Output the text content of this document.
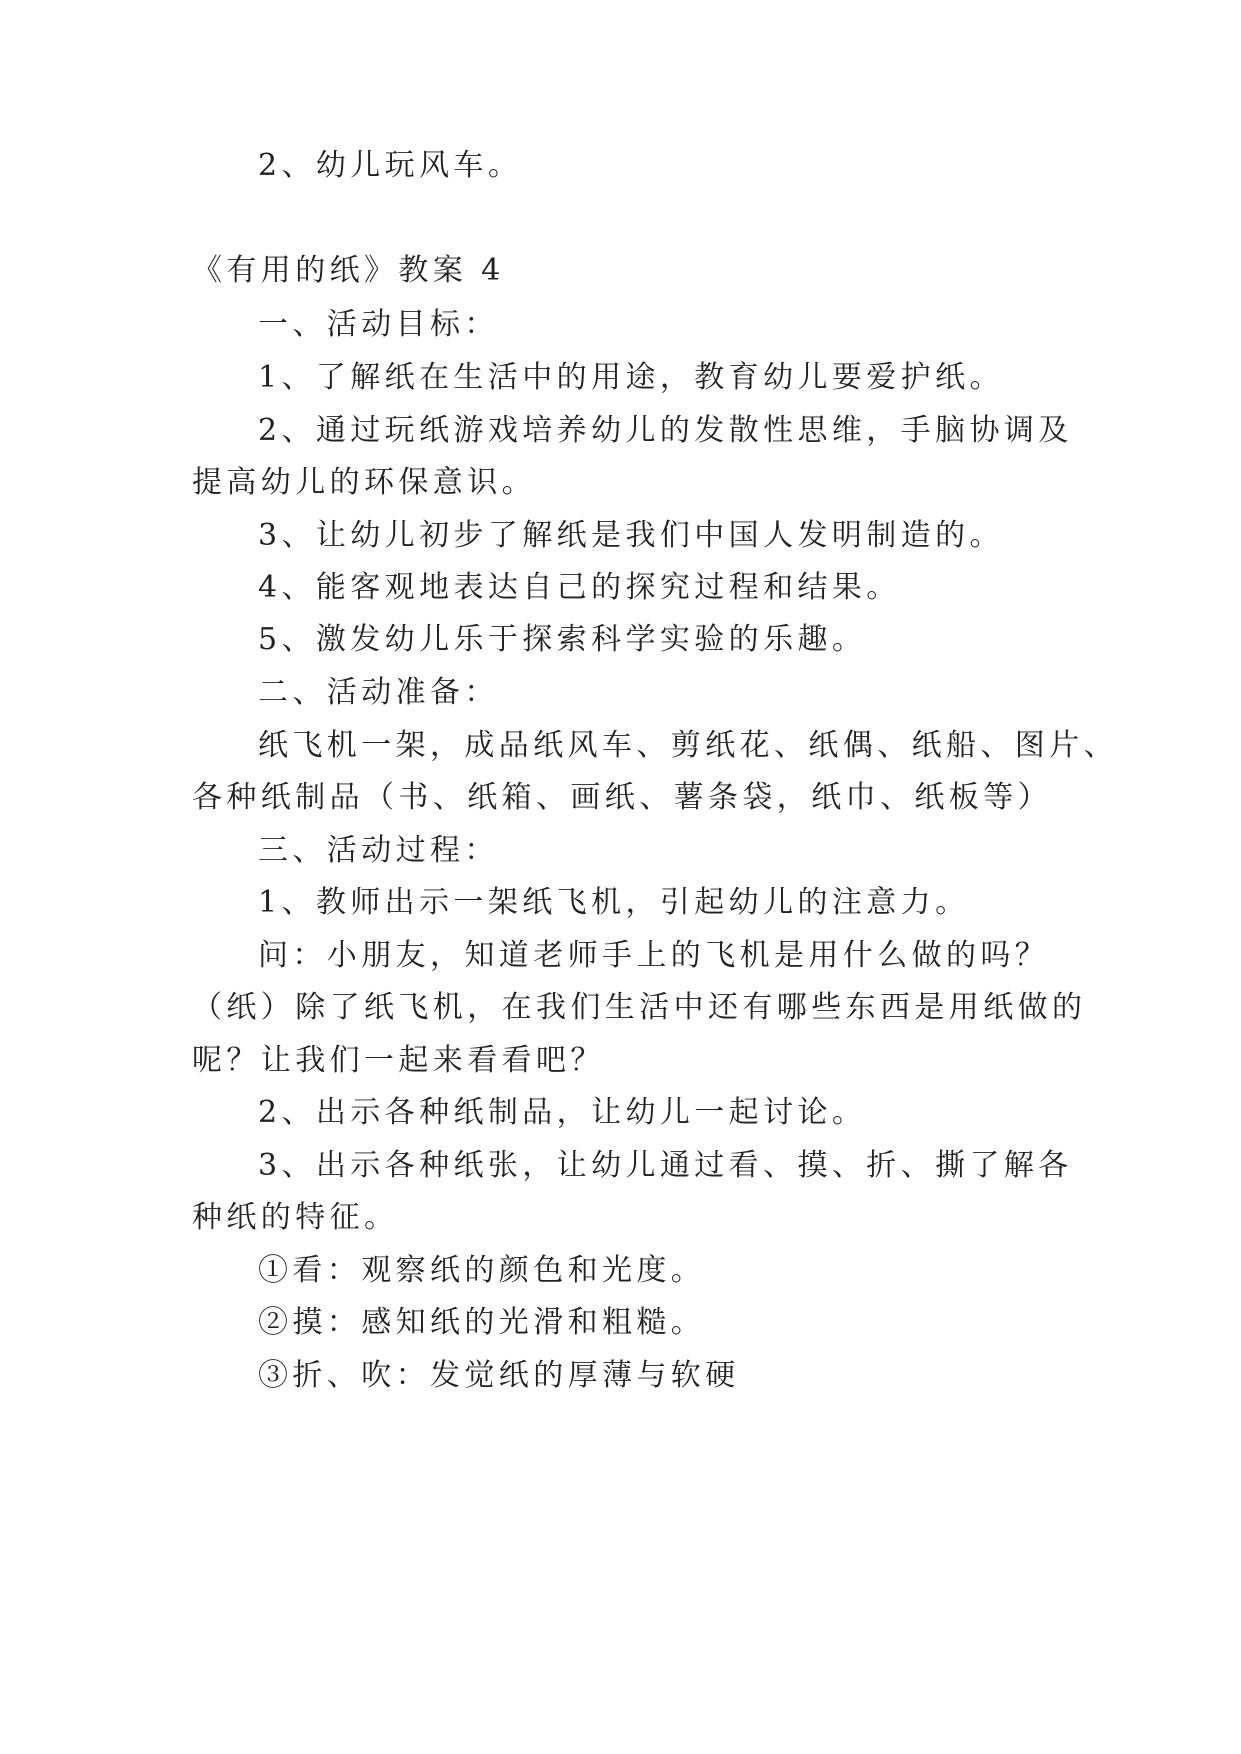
2、幼儿玩风车。
《有用的纸》教案 4
一、活动目标：
1、了解纸在生活中的用途，教育幼儿要爱护纸。
2、通过玩纸游戏培养幼儿的发散性思维，手脑协调及
提高幼儿的环保意识。
3、让幼儿初步了解纸是我们中国人发明制造的。
4、能客观地表达自己的探究过程和结果。
5、激发幼儿乐于探索科学实验的乐趣。
二、活动准备：
纸飞机一架，成品纸风车、剪纸花、纸偶、纸船、图片、
各种纸制品（书、纸箱、画纸、薯条袋，纸巾、纸板等）
三、活动过程：
1、教师出示一架纸飞机，引起幼儿的注意力。
问：小朋友，知道老师手上的飞机是用什么做的吗？
（纸）除了纸飞机，在我们生活中还有哪些东西是用纸做的
呢？让我们一起来看看吧？
2、出示各种纸制品，让幼儿一起讨论。
3、出示各种纸张，让幼儿通过看、摸、折、撕了解各
种纸的特征。
①看：观察纸的颜色和光度。
②摸：感知纸的光滑和粗糙。
③折、吹：发觉纸的厚薄与软硬
